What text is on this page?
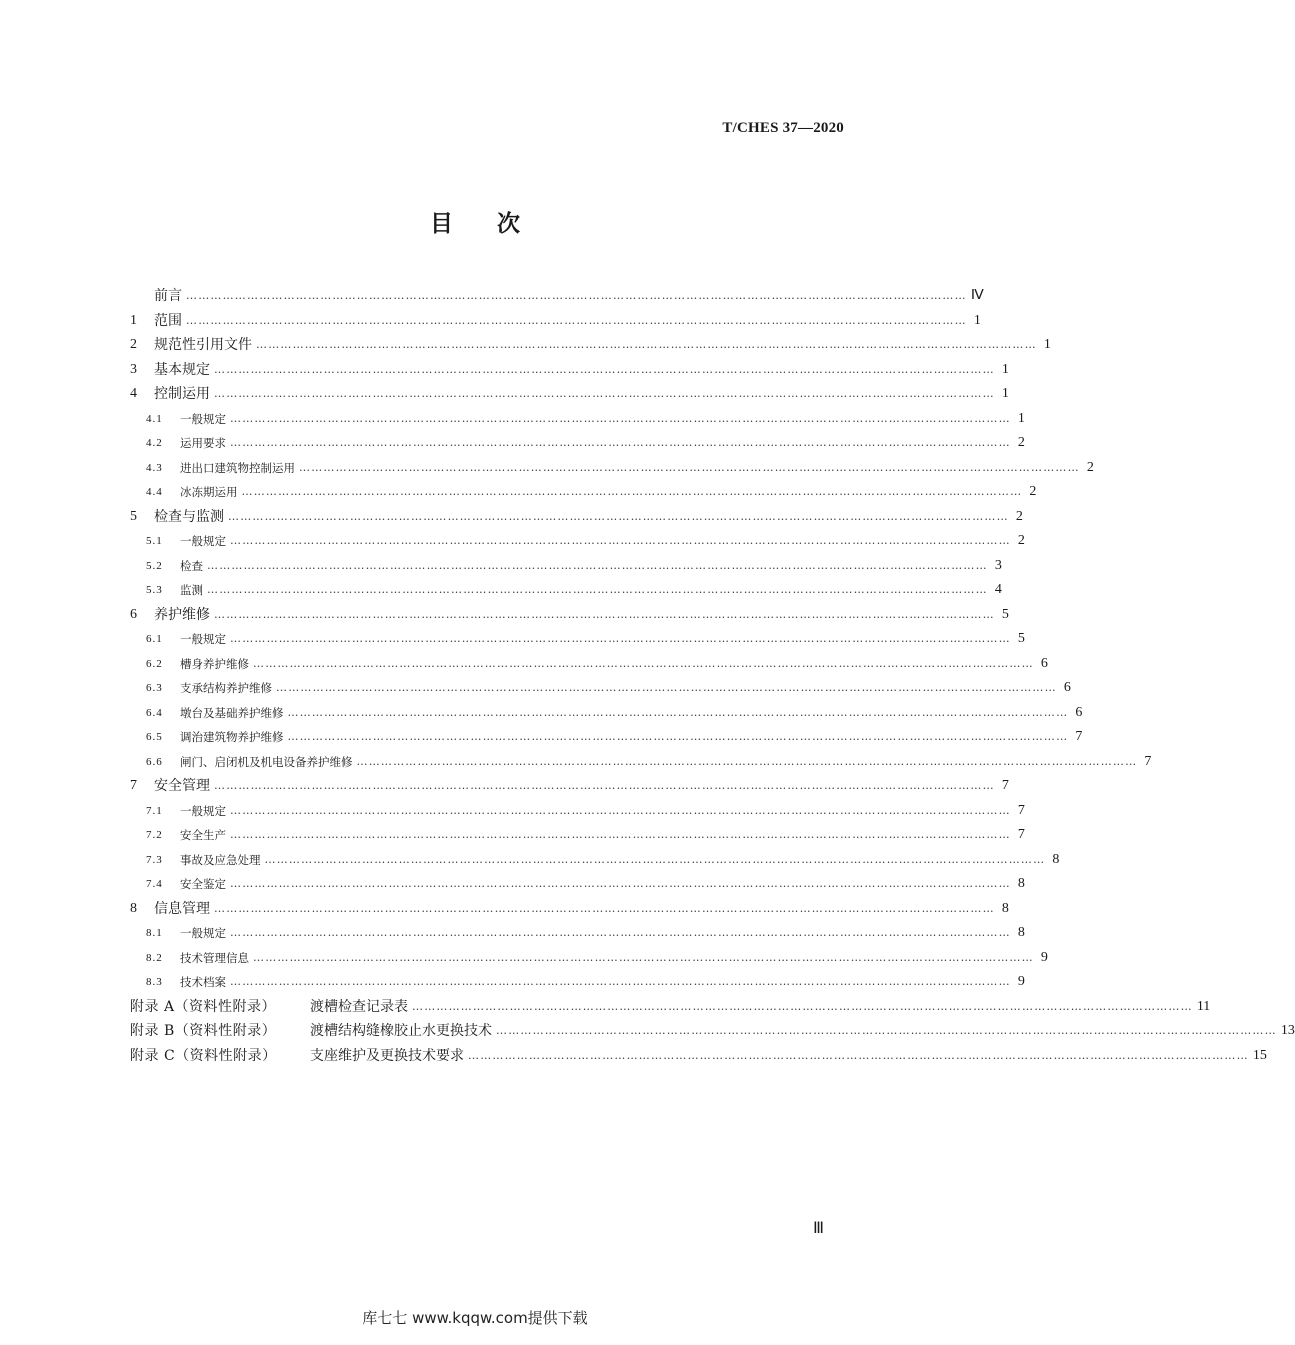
T/CHES 37—2020
目次
前言 ………………………………………………………………………………………………………………………………………………………………………… Ⅳ
1	范围 ………………………………………………………………………………………………………………………………………………………………………… 1
2	规范性引用文件 ………………………………………………………………………………………………………………………………………………………………………… 1
3	基本规定 ………………………………………………………………………………………………………………………………………………………………………… 1
4	控制运用 ………………………………………………………………………………………………………………………………………………………………………… 1
4.1	一般规定 ………………………………………………………………………………………………………………………………………………………………………… 1
4.2	运用要求 ………………………………………………………………………………………………………………………………………………………………………… 2
4.3	进出口建筑物控制运用 ………………………………………………………………………………………………………………………………………………………………………… 2
4.4	冰冻期运用 ………………………………………………………………………………………………………………………………………………………………………… 2
5	检查与监测 ………………………………………………………………………………………………………………………………………………………………………… 2
5.1	一般规定 ………………………………………………………………………………………………………………………………………………………………………… 2
5.2	检查 ………………………………………………………………………………………………………………………………………………………………………… 3
5.3	监测 ………………………………………………………………………………………………………………………………………………………………………… 4
6	养护维修 ………………………………………………………………………………………………………………………………………………………………………… 5
6.1	一般规定 ………………………………………………………………………………………………………………………………………………………………………… 5
6.2	槽身养护维修 ………………………………………………………………………………………………………………………………………………………………………… 6
6.3	支承结构养护维修 ………………………………………………………………………………………………………………………………………………………………………… 6
6.4	墩台及基础养护维修 ………………………………………………………………………………………………………………………………………………………………………… 6
6.5	调治建筑物养护维修 ………………………………………………………………………………………………………………………………………………………………………… 7
6.6	闸门、启闭机及机电设备养护维修 ………………………………………………………………………………………………………………………………………………………………………… 7
7	安全管理 ………………………………………………………………………………………………………………………………………………………………………… 7
7.1	一般规定 ………………………………………………………………………………………………………………………………………………………………………… 7
7.2	安全生产 ………………………………………………………………………………………………………………………………………………………………………… 7
7.3	事故及应急处理 ………………………………………………………………………………………………………………………………………………………………………… 8
7.4	安全鉴定 ………………………………………………………………………………………………………………………………………………………………………… 8
8	信息管理 ………………………………………………………………………………………………………………………………………………………………………… 8
8.1	一般规定 ………………………………………………………………………………………………………………………………………………………………………… 8
8.2	技术管理信息 ………………………………………………………………………………………………………………………………………………………………………… 9
8.3	技术档案 ………………………………………………………………………………………………………………………………………………………………………… 9
附录 A（资料性附录）	渡槽检查记录表 ………………………………………………………………………………………………………………………………………………………………………… 11
附录 B（资料性附录）	渡槽结构缝橡胶止水更换技术 ………………………………………………………………………………………………………………………………………………………………………… 13
附录 C（资料性附录）	支座维护及更换技术要求 ………………………………………………………………………………………………………………………………………………………………………… 15
Ⅲ
库七七 www.kqqw.com提供下载
